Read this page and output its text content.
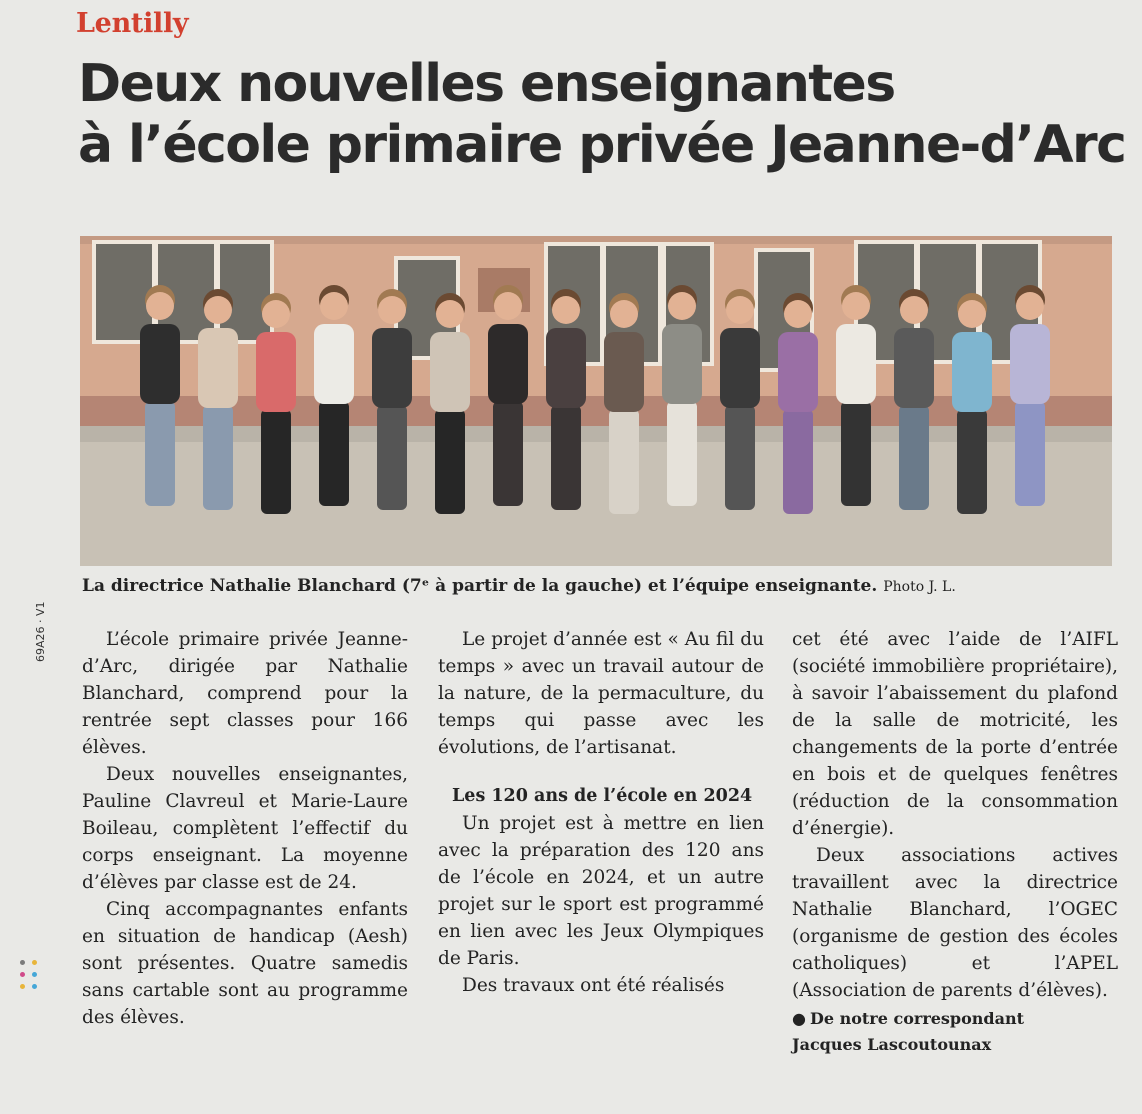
Lentilly
Deux nouvelles enseignantes
à l’école primaire privée Jeanne-d’Arc
La directrice Nathalie Blanchard (7ᵉ à partir de la gauche) et l’équipe enseignante. Photo J. L.

L’école primaire privée Jeanne-d’Arc, dirigée par Nathalie Blanchard, comprend pour la rentrée sept classes pour 166 élèves.

Deux nouvelles enseignantes, Pauline Clavreul et Marie-Laure Boileau, complètent l’effectif du corps enseignant. La moyenne d’élèves par classe est de 24.

Cinq accompagnantes enfants en situation de handicap (Aesh) sont présentes. Quatre samedis sans cartable sont au programme des élèves.

Le projet d’année est « Au fil du temps » avec un travail autour de la nature, de la permaculture, du temps qui passe avec les évolutions, de l’artisanat.

Les 120 ans de l’école en 2024

Un projet est à mettre en lien avec la préparation des 120 ans de l’école en 2024, et un autre projet sur le sport est programmé en lien avec les Jeux Olympiques de Paris.

Des travaux ont été réalisés

cet été avec l’aide de l’AIFL (société immobilière propriétaire), à savoir l’abaissement du plafond de la salle de motricité, les changements de la porte d’entrée en bois et de quelques fenêtres (réduction de la consommation d’énergie).

Deux associations actives travaillent avec la directrice Nathalie Blanchard, l’OGEC (organisme de gestion des écoles catholiques) et l’APEL (Association de parents d’élèves).

● De notre correspondant

Jacques Lascoutounax

69A26 · V1
